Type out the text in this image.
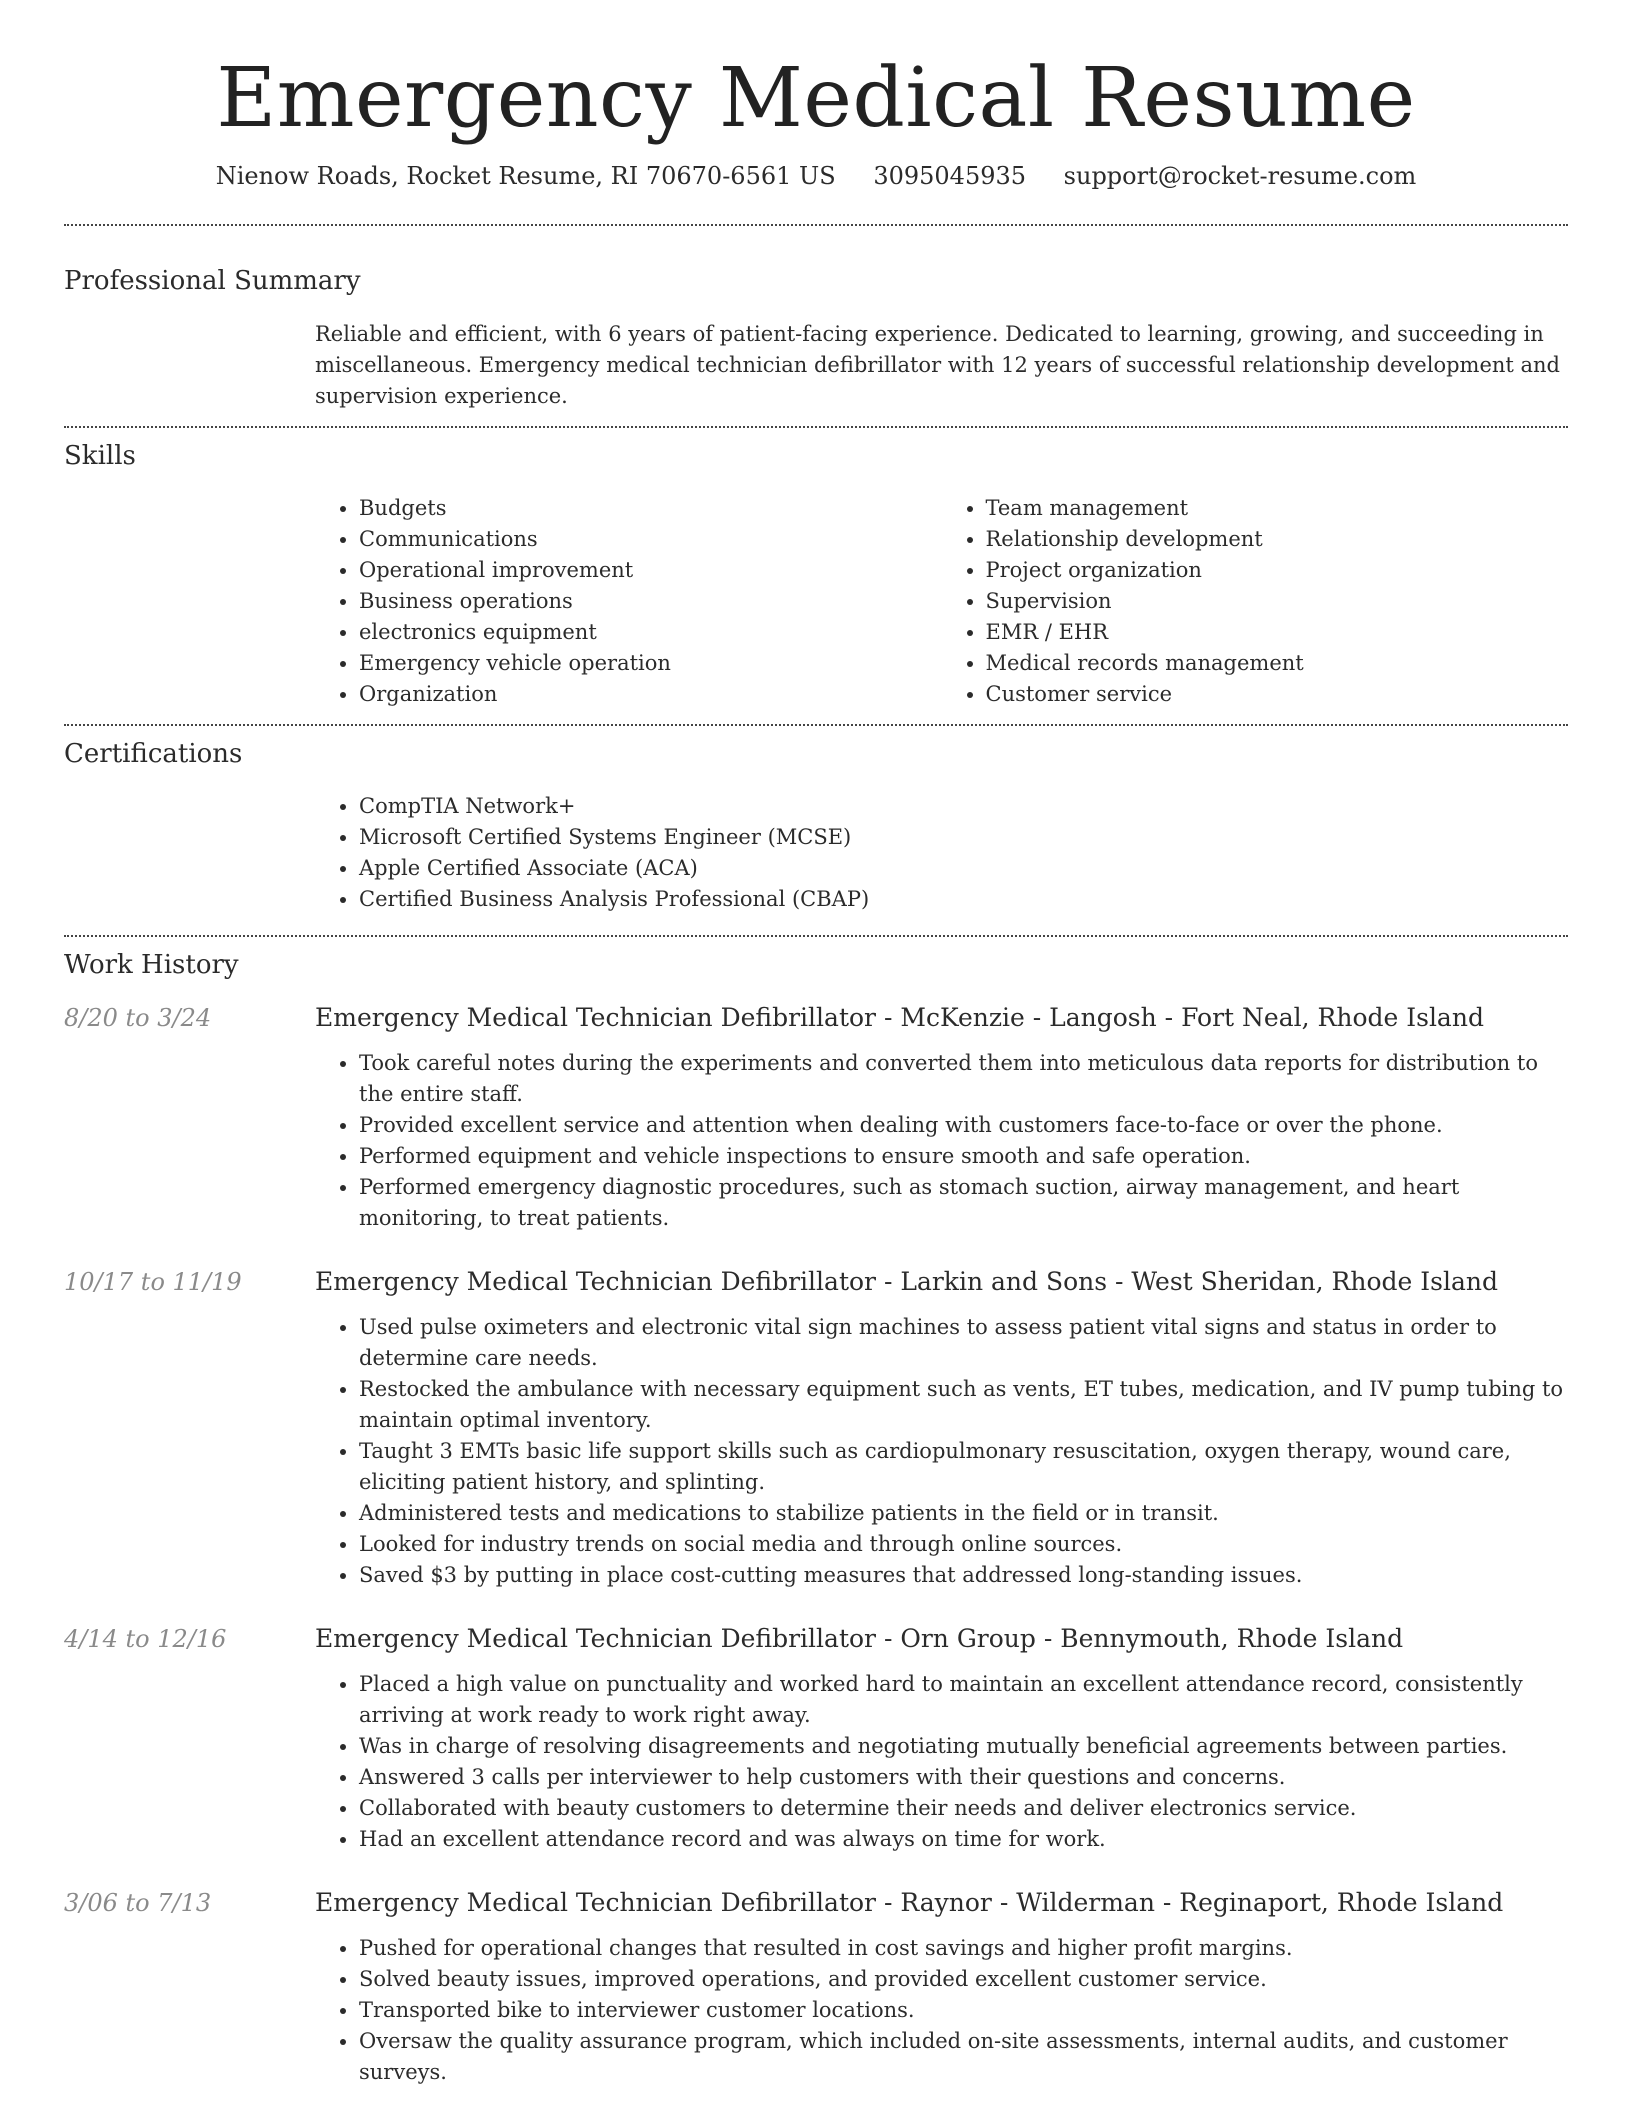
Emergency Medical Resume
Nienow Roads, Rocket Resume, RI 70670-6561 US 3095045935 support@rocket-resume.com
Professional Summary
Reliable and efficient, with 6 years of patient-facing experience. Dedicated to learning, growing, and succeeding in miscellaneous. Emergency medical technician defibrillator with 12 years of successful relationship development and supervision experience.
Skills
• Budgets
• Communications
• Operational improvement
• Business operations
• electronics equipment
• Emergency vehicle operation
• Organization
• Team management
• Relationship development
• Project organization
• Supervision
• EMR / EHR
• Medical records management
• Customer service
Certifications
• CompTIA Network+
• Microsoft Certified Systems Engineer (MCSE)
• Apple Certified Associate (ACA)
• Certified Business Analysis Professional (CBAP)
Work History
8/20 to 3/24	Emergency Medical Technician Defibrillator - McKenzie - Langosh - Fort Neal, Rhode Island
• Took careful notes during the experiments and converted them into meticulous data reports for distribution to the entire staff.
• Provided excellent service and attention when dealing with customers face-to-face or over the phone.
• Performed equipment and vehicle inspections to ensure smooth and safe operation.
• Performed emergency diagnostic procedures, such as stomach suction, airway management, and heart monitoring, to treat patients.
10/17 to 11/19	Emergency Medical Technician Defibrillator - Larkin and Sons - West Sheridan, Rhode Island
• Used pulse oximeters and electronic vital sign machines to assess patient vital signs and status in order to determine care needs.
• Restocked the ambulance with necessary equipment such as vents, ET tubes, medication, and IV pump tubing to maintain optimal inventory.
• Taught 3 EMTs basic life support skills such as cardiopulmonary resuscitation, oxygen therapy, wound care, eliciting patient history, and splinting.
• Administered tests and medications to stabilize patients in the field or in transit.
• Looked for industry trends on social media and through online sources.
• Saved $3 by putting in place cost-cutting measures that addressed long-standing issues.
4/14 to 12/16	Emergency Medical Technician Defibrillator - Orn Group - Bennymouth, Rhode Island
• Placed a high value on punctuality and worked hard to maintain an excellent attendance record, consistently arriving at work ready to work right away.
• Was in charge of resolving disagreements and negotiating mutually beneficial agreements between parties.
• Answered 3 calls per interviewer to help customers with their questions and concerns.
• Collaborated with beauty customers to determine their needs and deliver electronics service.
• Had an excellent attendance record and was always on time for work.
3/06 to 7/13	Emergency Medical Technician Defibrillator - Raynor - Wilderman - Reginaport, Rhode Island
• Pushed for operational changes that resulted in cost savings and higher profit margins.
• Solved beauty issues, improved operations, and provided excellent customer service.
• Transported bike to interviewer customer locations.
• Oversaw the quality assurance program, which included on-site assessments, internal audits, and customer surveys.
